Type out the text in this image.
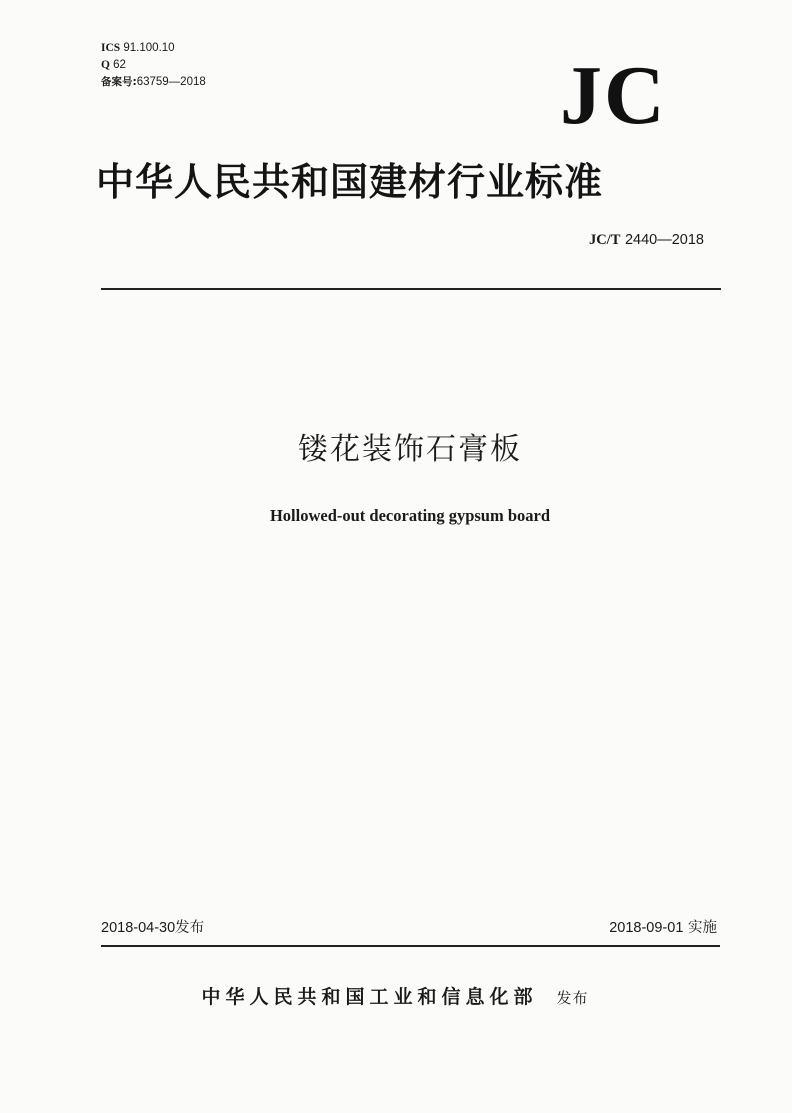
ICS 91.100.10
Q 62
备案号:63759—2018	JC
中华人民共和国建材行业标准
JC/T 2440—2018
镂花装饰石膏板
Hollowed-out decorating gypsum board
2018-04-30发布	2018-09-01 实施
中华人民共和国工业和信息化部 发布
